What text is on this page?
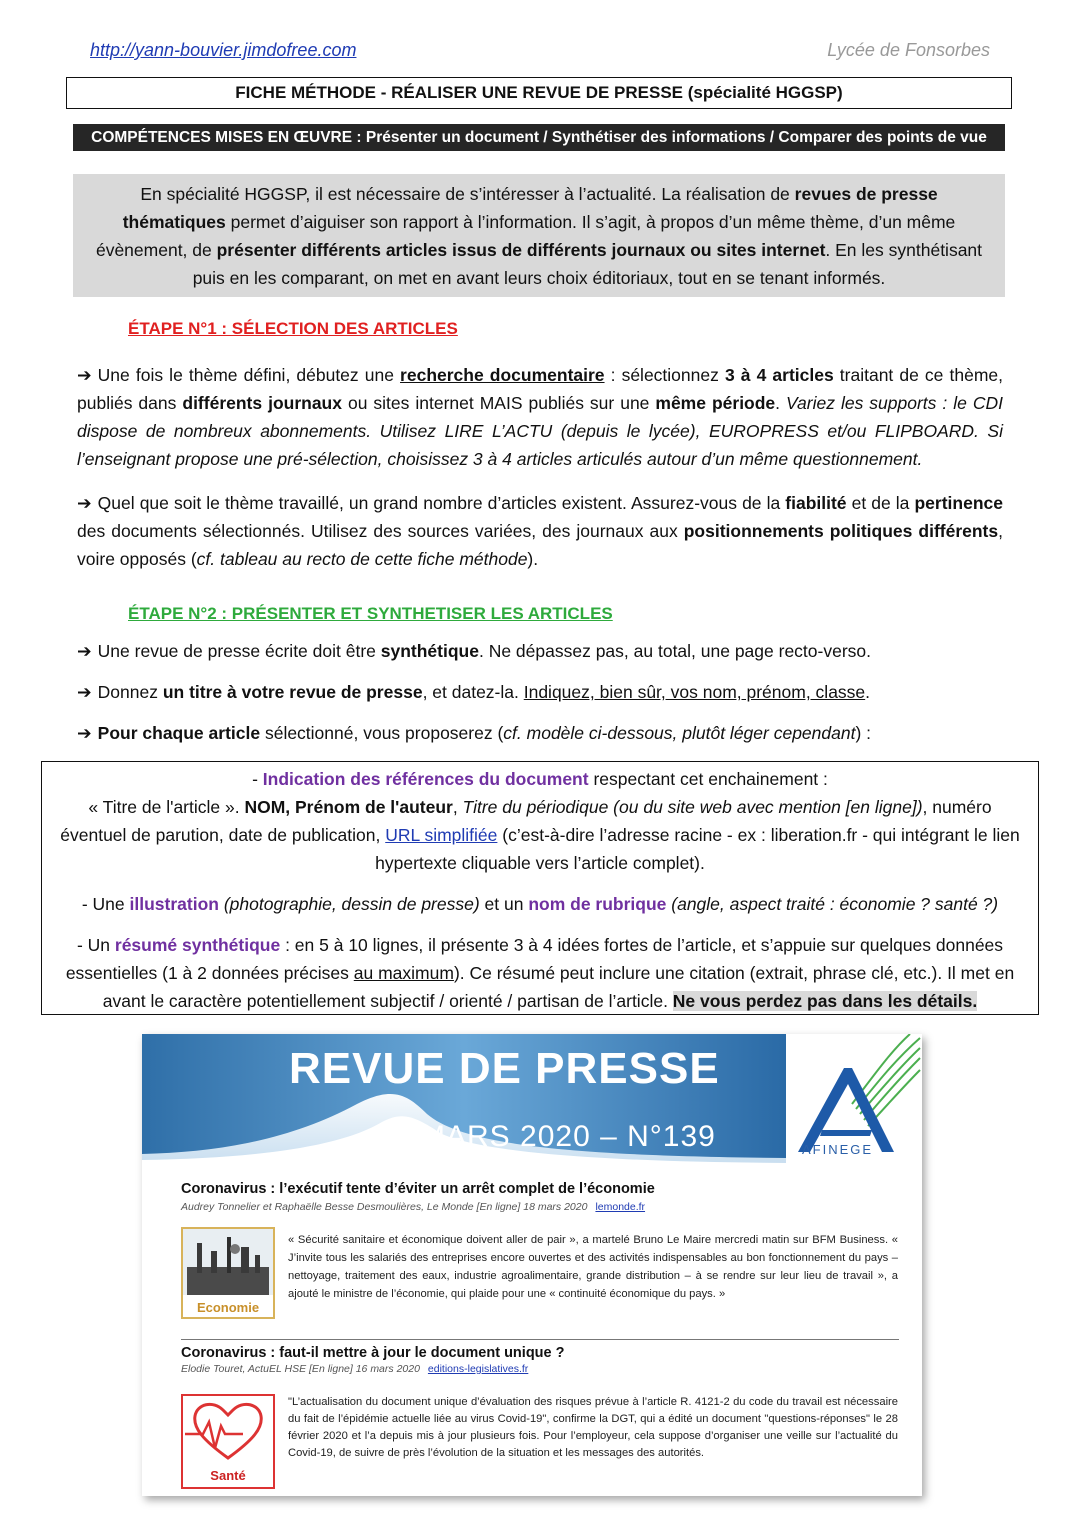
http://yann-bouvier.jimdofree.com	Lycée de Fonsorbes
FICHE MÉTHODE - RÉALISER UNE REVUE DE PRESSE (spécialité HGGSP)
COMPÉTENCES MISES EN ŒUVRE : Présenter un document / Synthétiser des informations / Comparer des points de vue
En spécialité HGGSP, il est nécessaire de s’intéresser à l’actualité. La réalisation de revues de presse thématiques permet d’aiguiser son rapport à l’information. Il s’agit, à propos d’un même thème, d’un même évènement, de présenter différents articles issus de différents journaux ou sites internet. En les synthétisant puis en les comparant, on met en avant leurs choix éditoriaux, tout en se tenant informés.
ÉTAPE N°1 : SÉLECTION DES ARTICLES
➔ Une fois le thème défini, débutez une recherche documentaire : sélectionnez 3 à 4 articles traitant de ce thème, publiés dans différents journaux ou sites internet MAIS publiés sur une même période. Variez les supports : le CDI dispose de nombreux abonnements. Utilisez LIRE L’ACTU (depuis le lycée), EUROPRESS et/ou FLIPBOARD. Si l’enseignant propose une pré-sélection, choisissez 3 à 4 articles articulés autour d’un même questionnement.
➔ Quel que soit le thème travaillé, un grand nombre d’articles existent. Assurez-vous de la fiabilité et de la pertinence des documents sélectionnés. Utilisez des sources variées, des journaux aux positionnements politiques différents, voire opposés (cf. tableau au recto de cette fiche méthode).
ÉTAPE N°2 : PRÉSENTER ET SYNTHETISER LES ARTICLES
➔ Une revue de presse écrite doit être synthétique. Ne dépassez pas, au total, une page recto-verso.
➔ Donnez un titre à votre revue de presse, et datez-la. Indiquez, bien sûr, vos nom, prénom, classe.
➔ Pour chaque article sélectionné, vous proposerez (cf. modèle ci-dessous, plutôt léger cependant) :

- Indication des références du document respectant cet enchainement :

« Titre de l'article ». NOM, Prénom de l'auteur, Titre du périodique (ou du site web avec mention [en ligne]), numéro éventuel de parution, date de publication, URL simplifiée (c’est-à-dire l’adresse racine - ex : liberation.fr - qui intégrant le lien hypertexte cliquable vers l’article complet).

- Une illustration (photographie, dessin de presse) et un nom de rubrique (angle, aspect traité : économie ? santé ?)

- Un résumé synthétique : en 5 à 10 lignes, il présente 3 à 4 idées fortes de l’article, et s’appuie sur quelques données essentielles (1 à 2 données précises au maximum). Ce résumé peut inclure une citation (extrait, phrase clé, etc.). Il met en avant le caractère potentiellement subjectif / orienté / partisan de l’article. Ne vous perdez pas dans les détails.

REVUE DE PRESSE
MARS 2020 – N°139	AFINEGE
Coronavirus : l’exécutif tente d’éviter un arrêt complet de l’économie
Audrey Tonnelier et Raphaëlle Besse Desmoulières, Le Monde [En ligne] 18 mars 2020 lemonde.fr
Economie
« Sécurité sanitaire et économique doivent aller de pair », a martelé Bruno Le Maire mercredi matin sur BFM Business. « J’invite tous les salariés des entreprises encore ouvertes et des activités indispensables au bon fonctionnement du pays – nettoyage, traitement des eaux, industrie agroalimentaire, grande distribution – à se rendre sur leur lieu de travail », a ajouté le ministre de l’économie, qui plaide pour une « continuité économique du pays. »
Coronavirus : faut-il mettre à jour le document unique ?
Elodie Touret, ActuEL HSE [En ligne] 16 mars 2020 editions-legislatives.fr
Santé
"L’actualisation du document unique d’évaluation des risques prévue à l’article R. 4121-2 du code du travail est nécessaire du fait de l’épidémie actuelle liée au virus Covid-19", confirme la DGT, qui a édité un document "questions-réponses" le 28 février 2020 et l’a depuis mis à jour plusieurs fois. Pour l’employeur, cela suppose d’organiser une veille sur l’actualité du Covid-19, de suivre de près l’évolution de la situation et les messages des autorités.
